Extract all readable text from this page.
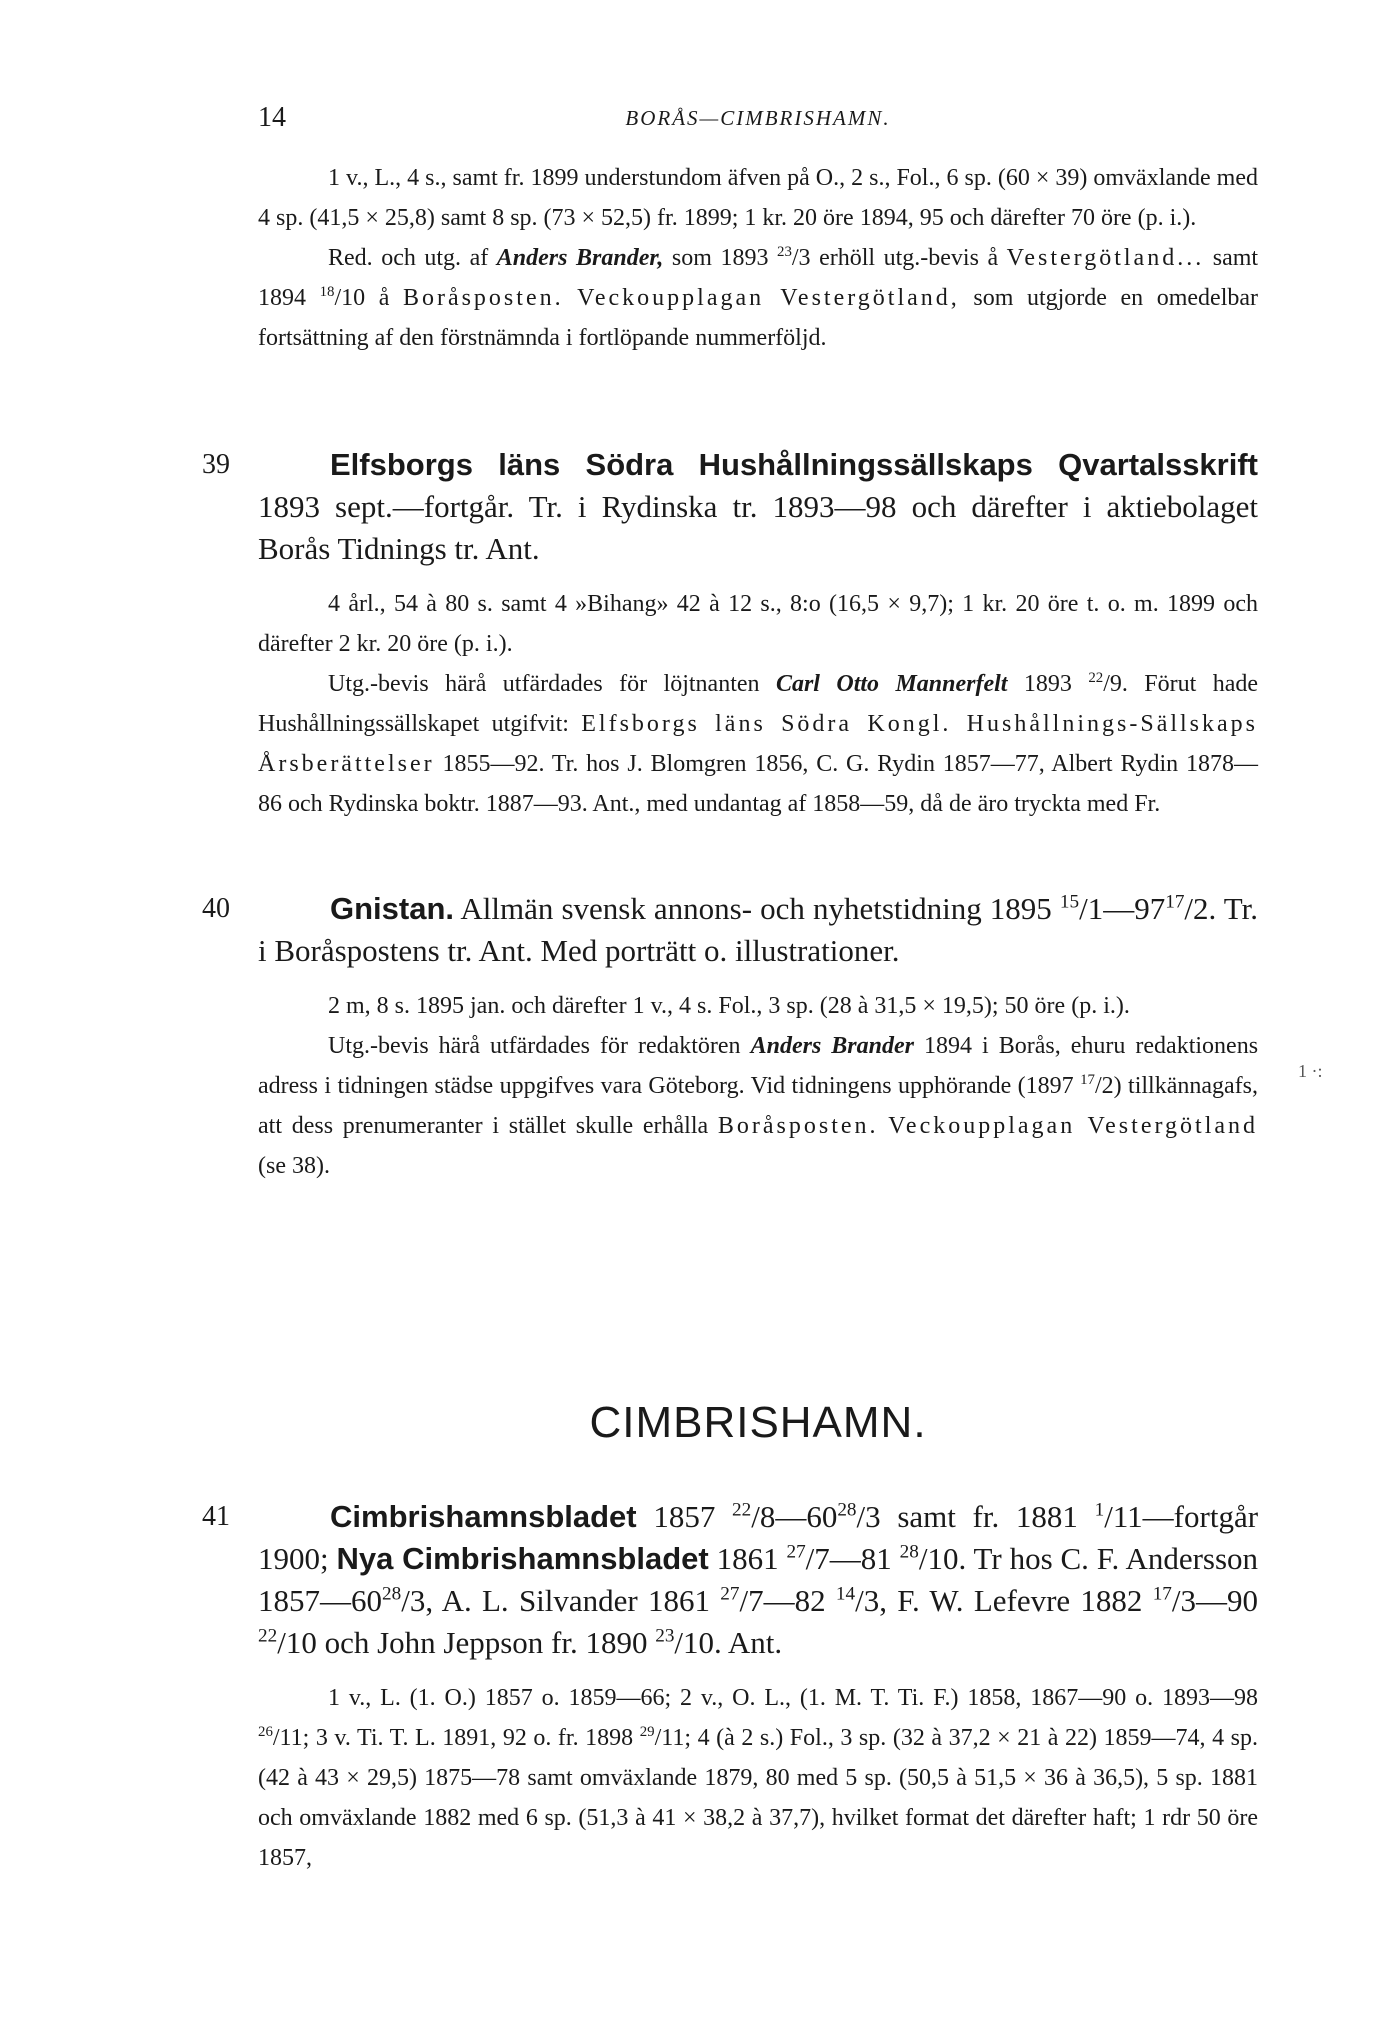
14	BORÅS—CIMBRISHAMN.

1 v., L., 4 s., samt fr. 1899 understundom äfven på O., 2 s., Fol., 6 sp. (60 × 39) omväxlande med 4 sp. (41,5 × 25,8) samt 8 sp. (73 × 52,5) fr. 1899; 1 kr. 20 öre 1894, 95 och därefter 70 öre (p. i.).

Red. och utg. af Anders Brander, som 1893 $^{23}$/3 erhöll utg.-bevis å Vestergötland... samt 1894 $^{18}$/10 å Boråsposten. Veckoupplagan Vestergötland, som utgjorde en omedelbar fortsättning af den förstnämnda i fortlöpande nummerföljd.

39	Elfsborgs läns Södra Hushållningssällskaps Qvartalsskrift 1893 sept.—fortgår. Tr. i Rydinska tr. 1893—98 och därefter i aktiebolaget Borås Tidnings tr. Ant.

4 årl., 54 à 80 s. samt 4 »Bihang» 42 à 12 s., 8:o (16,5 × 9,7); 1 kr. 20 öre t. o. m. 1899 och därefter 2 kr. 20 öre (p. i.).

Utg.-bevis härå utfärdades för löjtnanten Carl Otto Mannerfelt 1893 $^{22}$/9. Förut hade Hushållningssällskapet utgifvit: Elfsborgs läns Södra Kongl. Hushållnings-Sällskaps Årsberättelser 1855—92. Tr. hos J. Blomgren 1856, C. G. Rydin 1857—77, Albert Rydin 1878—86 och Rydinska boktr. 1887—93. Ant., med undantag af 1858—59, då de äro tryckta med Fr.

40	Gnistan. Allmän svensk annons- och nyhetstidning 1895 $^{15}/1—97^{17}/2$. Tr. i Boråspostens tr. Ant. Med porträtt o. illustrationer.

2 m, 8 s. 1895 jan. och därefter 1 v., 4 s. Fol., 3 sp. (28 à 31,5 × 19,5); 50 öre (p. i.).

Utg.-bevis härå utfärdades för redaktören Anders Brander 1894 i Borås, ehuru redaktionens adress i tidningen städse uppgifves vara Göteborg. Vid tidningens upphörande (1897 $^{17}$/2) tillkännagafs, att dess prenumeranter i stället skulle erhålla Boråsposten. Veckoupplagan Vestergötland (se 38).

1 ·:
CIMBRISHAMN.
41	Cimbrishamnsbladet 1857 $^{22}/8—60^{28}/3$ samt fr. 1881 $^1$/11—fortgår 1900; Nya Cimbrishamnsbladet 1861 $^{27}$/7—81 $^{28}$/10. Tr hos C. F. Andersson $1857—60^{28}/3$, A. L. Silvander 1861 $^{27}$/7—82 $^{14}$/3, F. W. Lefevre 1882 $^{17}$/3—90 $^{22}$/10 och John Jeppson fr. 1890 $^{23}$/10. Ant.

1 v., L. (1. O.) 1857 o. 1859—66; 2 v., O. L., (1. M. T. Ti. F.) 1858, 1867—90 o. 1893—98 $^{26}$/11; 3 v. Ti. T. L. 1891, 92 o. fr. 1898 $^{29}$/11; 4 (à 2 s.) Fol., 3 sp. (32 à 37,2 × 21 à 22) 1859—74, 4 sp. (42 à 43 × 29,5) 1875—78 samt omväxlande 1879, 80 med 5 sp. (50,5 à 51,5 × 36 à 36,5), 5 sp. 1881 och omväxlande 1882 med 6 sp. (51,3 à 41 × 38,2 à 37,7), hvilket format det därefter haft; 1 rdr 50 öre 1857,
